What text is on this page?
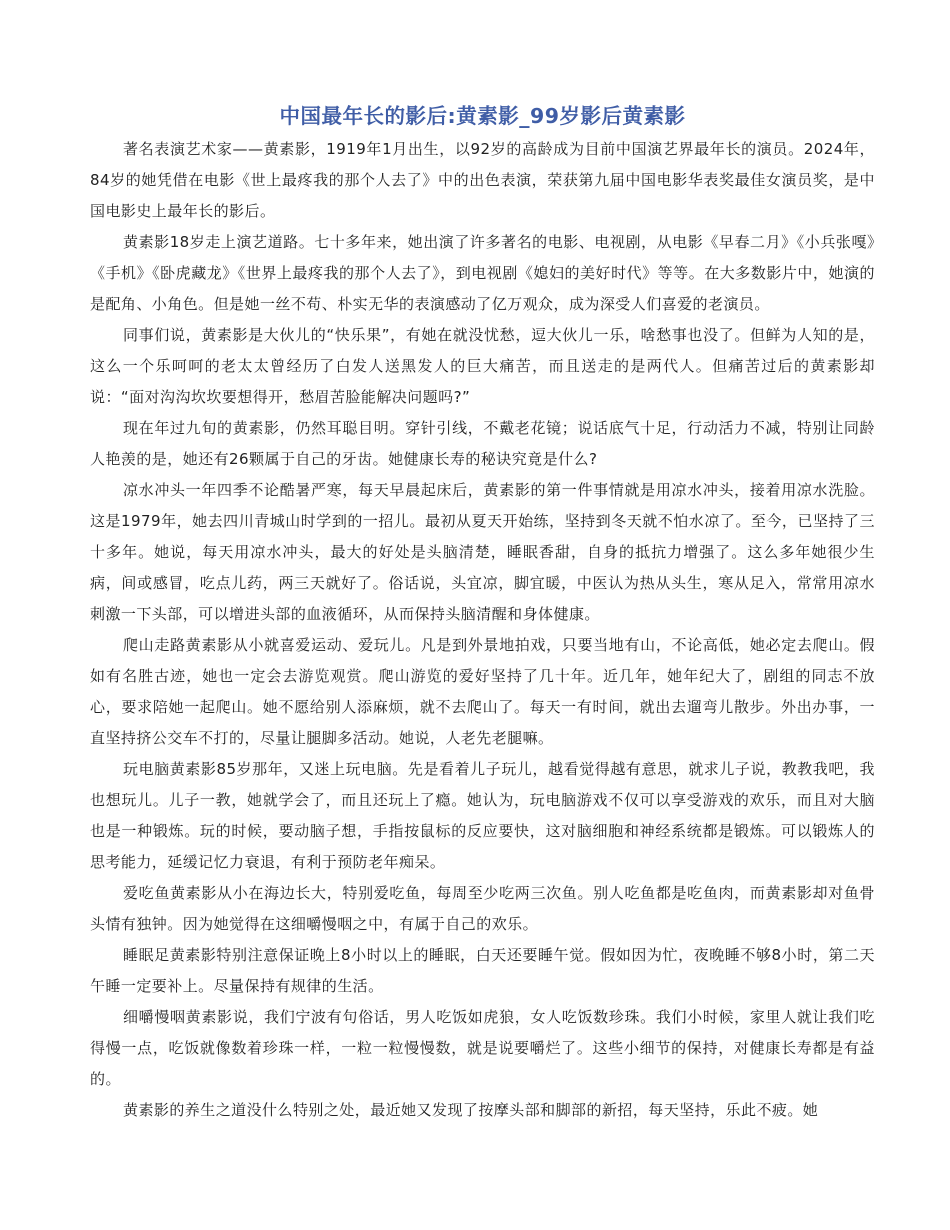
中国最年长的影后:黄素影_99岁影后黄素影

著名表演艺术家——黄素影，1919年1月出生，以92岁的高龄成为目前中国演艺界最年长的演员。2024年，84岁的她凭借在电影《世上最疼我的那个人去了》中的出色表演，荣获第九届中国电影华表奖最佳女演员奖，是中国电影史上最年长的影后。

黄素影18岁走上演艺道路。七十多年来，她出演了许多著名的电影、电视剧，从电影《早春二月》《小兵张嘎》《手机》《卧虎藏龙》《世界上最疼我的那个人去了》，到电视剧《媳妇的美好时代》等等。在大多数影片中，她演的是配角、小角色。但是她一丝不苟、朴实无华的表演感动了亿万观众，成为深受人们喜爱的老演员。

同事们说，黄素影是大伙儿的“快乐果”，有她在就没忧愁，逗大伙儿一乐，啥愁事也没了。但鲜为人知的是，这么一个乐呵呵的老太太曾经历了白发人送黑发人的巨大痛苦，而且送走的是两代人。但痛苦过后的黄素影却说：“面对沟沟坎坎要想得开，愁眉苦脸能解决问题吗?”

现在年过九旬的黄素影，仍然耳聪目明。穿针引线，不戴老花镜；说话底气十足，行动活力不减，特别让同龄人艳羡的是，她还有26颗属于自己的牙齿。她健康长寿的秘诀究竟是什么?

凉水冲头一年四季不论酷暑严寒，每天早晨起床后，黄素影的第一件事情就是用凉水冲头，接着用凉水洗脸。这是1979年，她去四川青城山时学到的一招儿。最初从夏天开始练，坚持到冬天就不怕水凉了。至今，已坚持了三十多年。她说，每天用凉水冲头，最大的好处是头脑清楚，睡眠香甜，自身的抵抗力增强了。这么多年她很少生病，间或感冒，吃点儿药，两三天就好了。俗话说，头宜凉，脚宜暖，中医认为热从头生，寒从足入，常常用凉水刺激一下头部，可以增进头部的血液循环，从而保持头脑清醒和身体健康。

爬山走路黄素影从小就喜爱运动、爱玩儿。凡是到外景地拍戏，只要当地有山，不论高低，她必定去爬山。假如有名胜古迹，她也一定会去游览观赏。爬山游览的爱好坚持了几十年。近几年，她年纪大了，剧组的同志不放心，要求陪她一起爬山。她不愿给别人添麻烦，就不去爬山了。每天一有时间，就出去遛弯儿散步。外出办事，一直坚持挤公交车不打的，尽量让腿脚多活动。她说，人老先老腿嘛。

玩电脑黄素影85岁那年，又迷上玩电脑。先是看着儿子玩儿，越看觉得越有意思，就求儿子说，教教我吧，我也想玩儿。儿子一教，她就学会了，而且还玩上了瘾。她认为，玩电脑游戏不仅可以享受游戏的欢乐，而且对大脑也是一种锻炼。玩的时候，要动脑子想，手指按鼠标的反应要快，这对脑细胞和神经系统都是锻炼。可以锻炼人的思考能力，延缓记忆力衰退，有利于预防老年痴呆。

爱吃鱼黄素影从小在海边长大，特别爱吃鱼，每周至少吃两三次鱼。别人吃鱼都是吃鱼肉，而黄素影却对鱼骨头情有独钟。因为她觉得在这细嚼慢咽之中，有属于自己的欢乐。

睡眠足黄素影特别注意保证晚上8小时以上的睡眠，白天还要睡午觉。假如因为忙，夜晚睡不够8小时，第二天午睡一定要补上。尽量保持有规律的生活。

细嚼慢咽黄素影说，我们宁波有句俗话，男人吃饭如虎狼，女人吃饭数珍珠。我们小时候，家里人就让我们吃得慢一点，吃饭就像数着珍珠一样，一粒一粒慢慢数，就是说要嚼烂了。这些小细节的保持，对健康长寿都是有益的。

黄素影的养生之道没什么特别之处，最近她又发现了按摩头部和脚部的新招，每天坚持，乐此不疲。她
